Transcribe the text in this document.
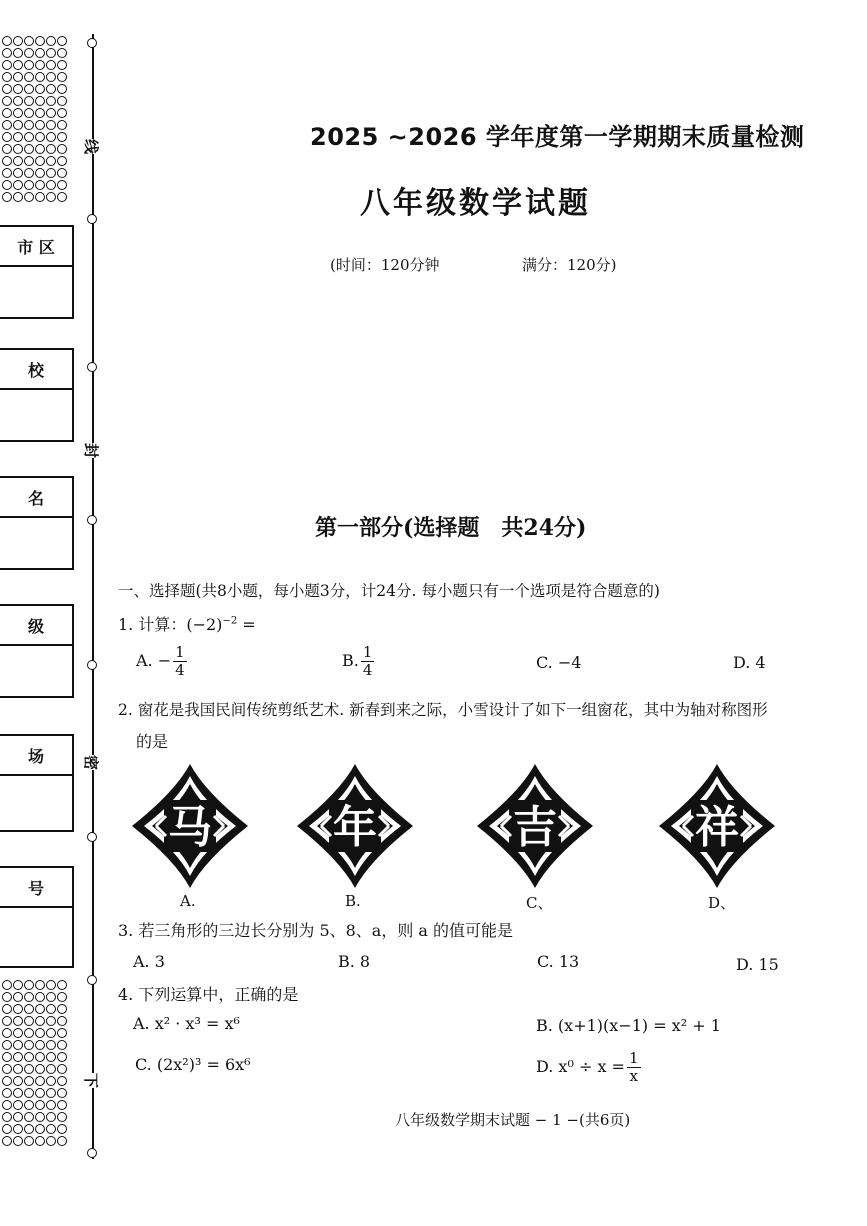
市 区
校
名
级
场
号
线
封
密
下
2025 ~2026 学年度第一学期期末质量检测
八年级数学试题
(时间：120分钟	满分：120分)
第一部分(选择题　共24分)
一、选择题(共8小题，每小题3分，计24分. 每小题只有一个选项是符合题意的)
1. 计算：$(-2)^{-2}$ =
A. − $\frac{1}{4}$	B. $\frac{1}{4}$	C. −4	D. 4
2. 窗花是我国民间传统剪纸艺术. 新春到来之际，小雪设计了如下一组窗花，其中为轴对称图形
的是
马	年	吉	祥
A.	B.	C、	D、
3. 若三角形的三边长分别为 5、8、a，则 a 的值可能是
A. 3	B. 8	C. 13	D. 15
4. 下列运算中，正确的是
A. x² · x³ = x⁶	B. (x+1)(x−1) = x² + 1
C. (2x²)³ = 6x⁶	D. $x^0 \div x = \frac{1}{x}$
八年级数学期末试题 − 1 −(共6页)
